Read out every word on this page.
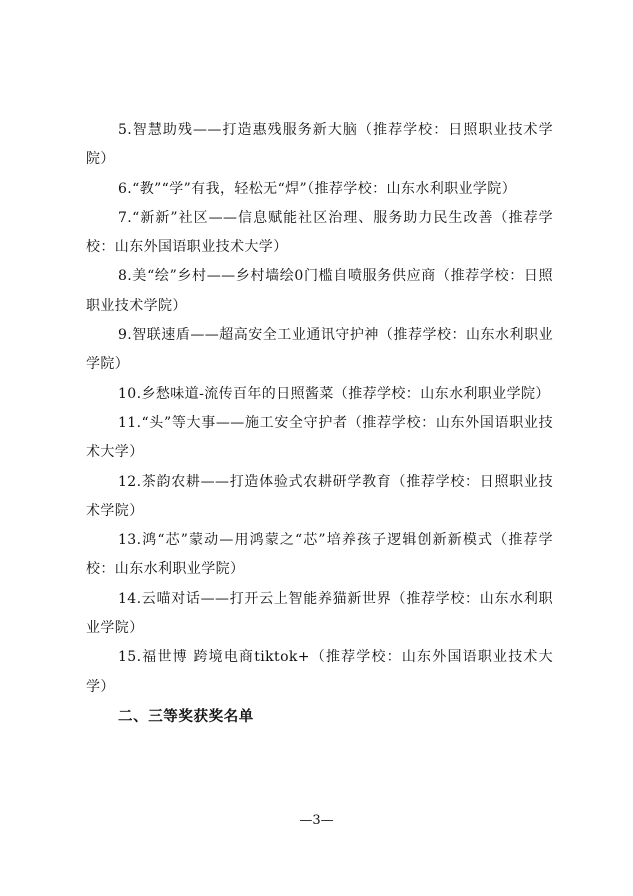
5.智慧助残——打造惠残服务新大脑（推荐学校：日照职业技术学院）

6.“教”“学”有我，轻松无“焊”（推荐学校：山东水利职业学院）

7.“新新”社区——信息赋能社区治理、服务助力民生改善（推荐学校：山东外国语职业技术大学）

8.美“绘”乡村——乡村墙绘0门槛自喷服务供应商（推荐学校：日照职业技术学院）

9.智联速盾——超高安全工业通讯守护神（推荐学校：山东水利职业学院）

10.乡愁味道-流传百年的日照酱菜（推荐学校：山东水利职业学院）

11.“头”等大事——施工安全守护者（推荐学校：山东外国语职业技术大学）

12.茶韵农耕——打造体验式农耕研学教育（推荐学校：日照职业技术学院）

13.鸿“芯”蒙动—用鸿蒙之“芯”培养孩子逻辑创新新模式（推荐学校：山东水利职业学院）

14.云喵对话——打开云上智能养猫新世界（推荐学校：山东水利职业学院）

15.福世博 跨境电商tiktok+（推荐学校：山东外国语职业技术大学）

二、三等奖获奖名单

—3—
